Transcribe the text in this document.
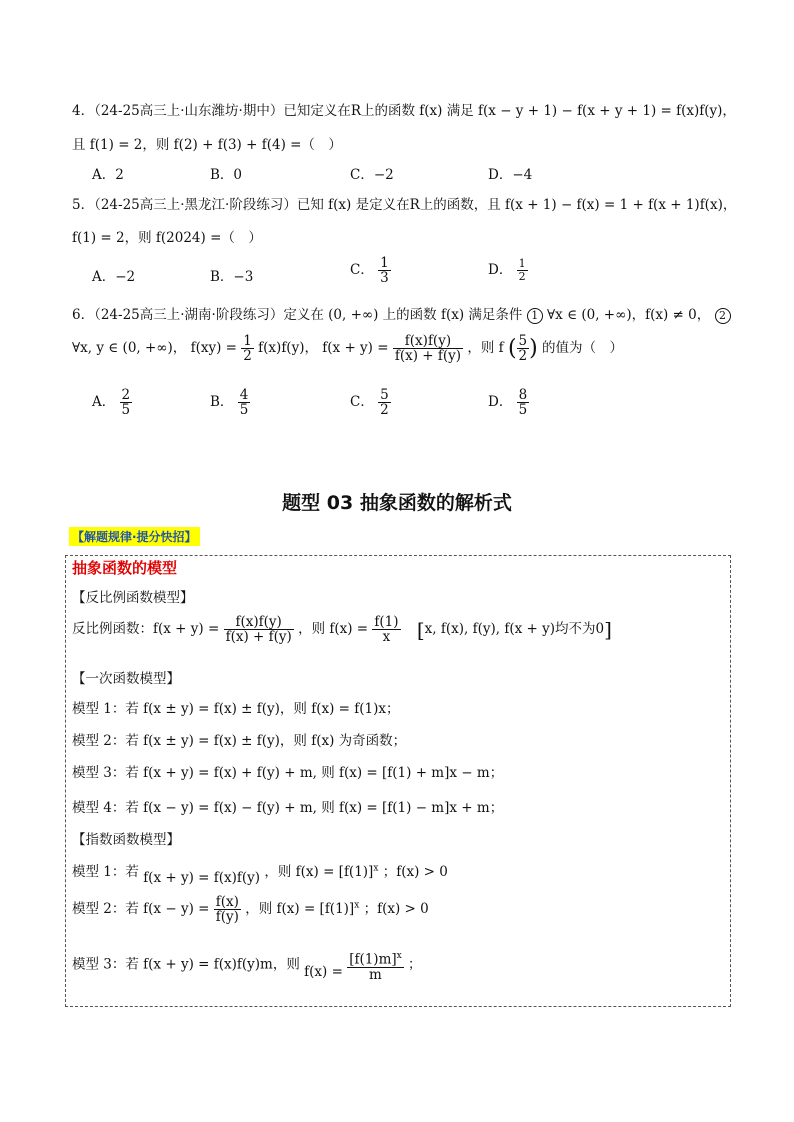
4．（24-25高三上·山东潍坊·期中）已知定义在R上的函数 f(x) 满足 f(x − y + 1) − f(x + y + 1) = f(x)f(y)，
且 f(1) = 2，则 f(2) + f(3) + f(4) =（　）
A．2	B．0	C．−2	D．−4
5．（24-25高三上·黑龙江·阶段练习）已知 f(x) 是定义在R上的函数，且 f(x + 1) − f(x) = 1 + f(x + 1)f(x)，
f(1) = 2，则 f(2024) =（　）
A．−2	B．−3	C． $\frac{1}{3}$	D． $\frac{1}{2}$
6．（24-25高三上·湖南·阶段练习）定义在 (0, +∞) 上的函数 f(x) 满足条件 1 ∀x ∈ (0, +∞)，f(x) ≠ 0， 2
∀x, y ∈ (0, +∞)， $f(xy) = \frac{1}{2} f(x)f(y)$， $f(x + y) = \frac{f(x)f(y)}{f(x) + f(y)}$ ，则 f ( $\frac{5}{2}$ ) 的值为（　）
A． $\frac{2}{5}$	B． $\frac{4}{5}$	C． $\frac{5}{2}$	D． $\frac{8}{5}$
题型 03 抽象函数的解析式
【解题规律·提分快招】
抽象函数的模型
【反比例函数模型】
反比例函数：$f(x + y) = \frac{f(x)f(y)}{f(x) + f(y)}$ ，则 $f(x) = \frac{f(1)}{x} [x$, f(x), f(y), f(x + y)均不为0]
【一次函数模型】
模型 1：若 f(x ± y) = f(x) ± f(y)，则 f(x) = f(1)x；
模型 2：若 f(x ± y) = f(x) ± f(y)，则 f(x) 为奇函数；
模型 3：若 f(x + y) = f(x) + f(y) + m, 则 f(x) = [f(1) + m]x − m；
模型 4：若 f(x − y) = f(x) − f(y) + m, 则 f(x) = [f(1) − m]x + m；
【指数函数模型】
模型 1：若 f(x + y) = f(x)f(y) ，则 $f(x) = [f(1)]^x$ ；f(x) > 0
模型 2：若 $f(x - y) = \frac{f(x)}{f(y)}$ ，则 $f(x) = [f(1)]^x$ ；f(x) > 0
模型 3：若 f(x + y) = f(x)f(y)m，则 $f(x) = \frac{[f(1)m]^x}{m}$ ；
